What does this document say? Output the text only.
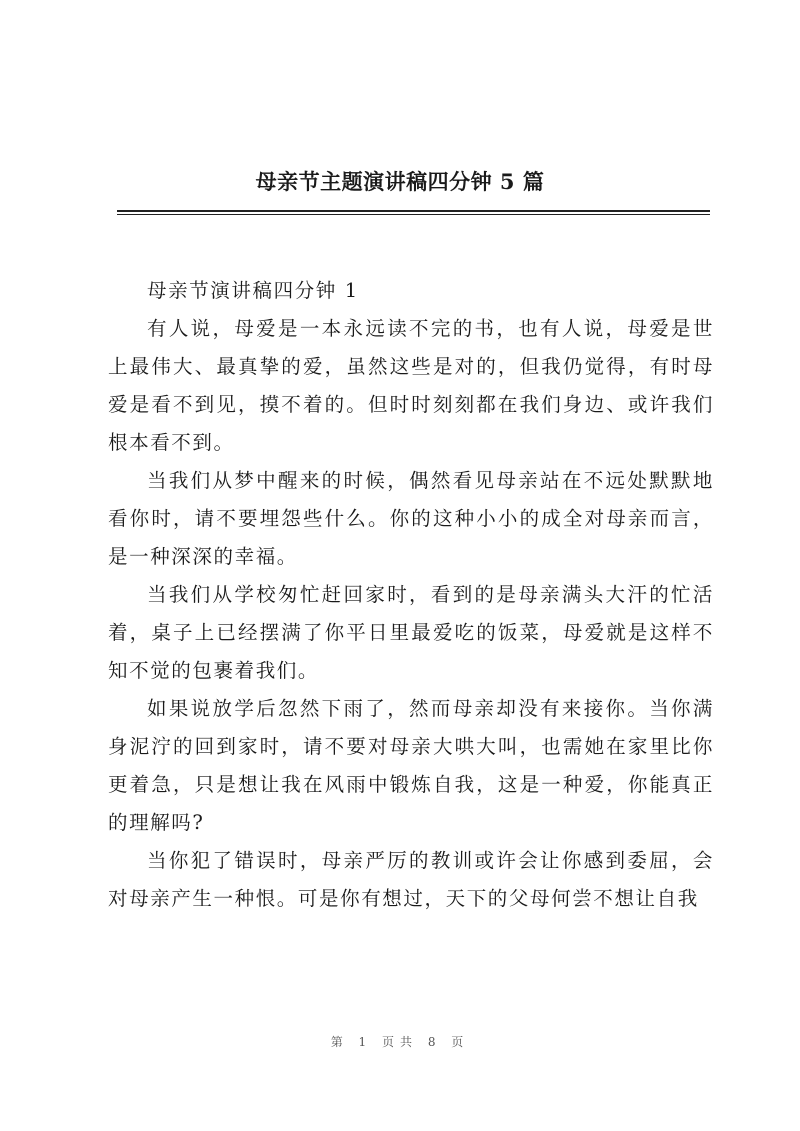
母亲节主题演讲稿四分钟 5 篇

母亲节演讲稿四分钟 1

有人说，母爱是一本永远读不完的书，也有人说，母爱是世上最伟大、最真挚的爱，虽然这些是对的，但我仍觉得，有时母爱是看不到见，摸不着的。但时时刻刻都在我们身边、或许我们根本看不到。

当我们从梦中醒来的时候，偶然看见母亲站在不远处默默地看你时，请不要埋怨些什么。你的这种小小的成全对母亲而言，是一种深深的幸福。

当我们从学校匆忙赶回家时，看到的是母亲满头大汗的忙活着，桌子上已经摆满了你平日里最爱吃的饭菜，母爱就是这样不知不觉的包裹着我们。

如果说放学后忽然下雨了，然而母亲却没有来接你。当你满身泥泞的回到家时，请不要对母亲大哄大叫，也需她在家里比你更着急，只是想让我在风雨中锻炼自我，这是一种爱，你能真正的理解吗?

当你犯了错误时，母亲严厉的教训或许会让你感到委屈，会对母亲产生一种恨。可是你有想过，天下的父母何尝不想让自我

第 1 页共 8 页
